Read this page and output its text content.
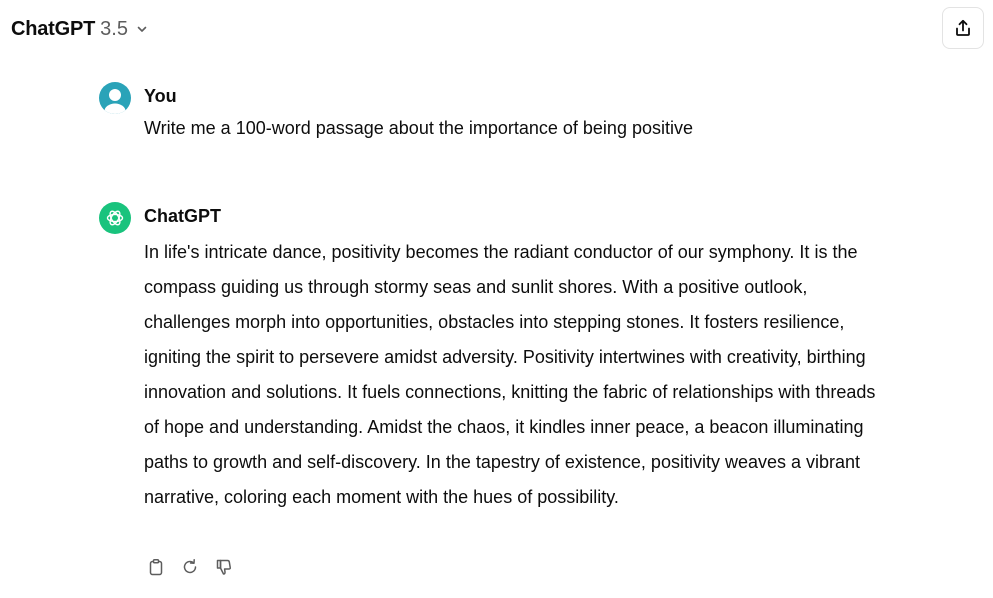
ChatGPT 3.5
You
Write me a 100-word passage about the importance of being positive
ChatGPT

In life's intricate dance, positivity becomes the radiant conductor of our symphony. It is the compass guiding us through stormy seas and sunlit shores. With a positive outlook, challenges morph into opportunities, obstacles into stepping stones. It fosters resilience, igniting the spirit to persevere amidst adversity. Positivity intertwines with creativity, birthing innovation and solutions. It fuels connections, knitting the fabric of relationships with threads of hope and understanding. Amidst the chaos, it kindles inner peace, a beacon illuminating paths to growth and self-discovery. In the tapestry of existence, positivity weaves a vibrant narrative, coloring each moment with the hues of possibility.
